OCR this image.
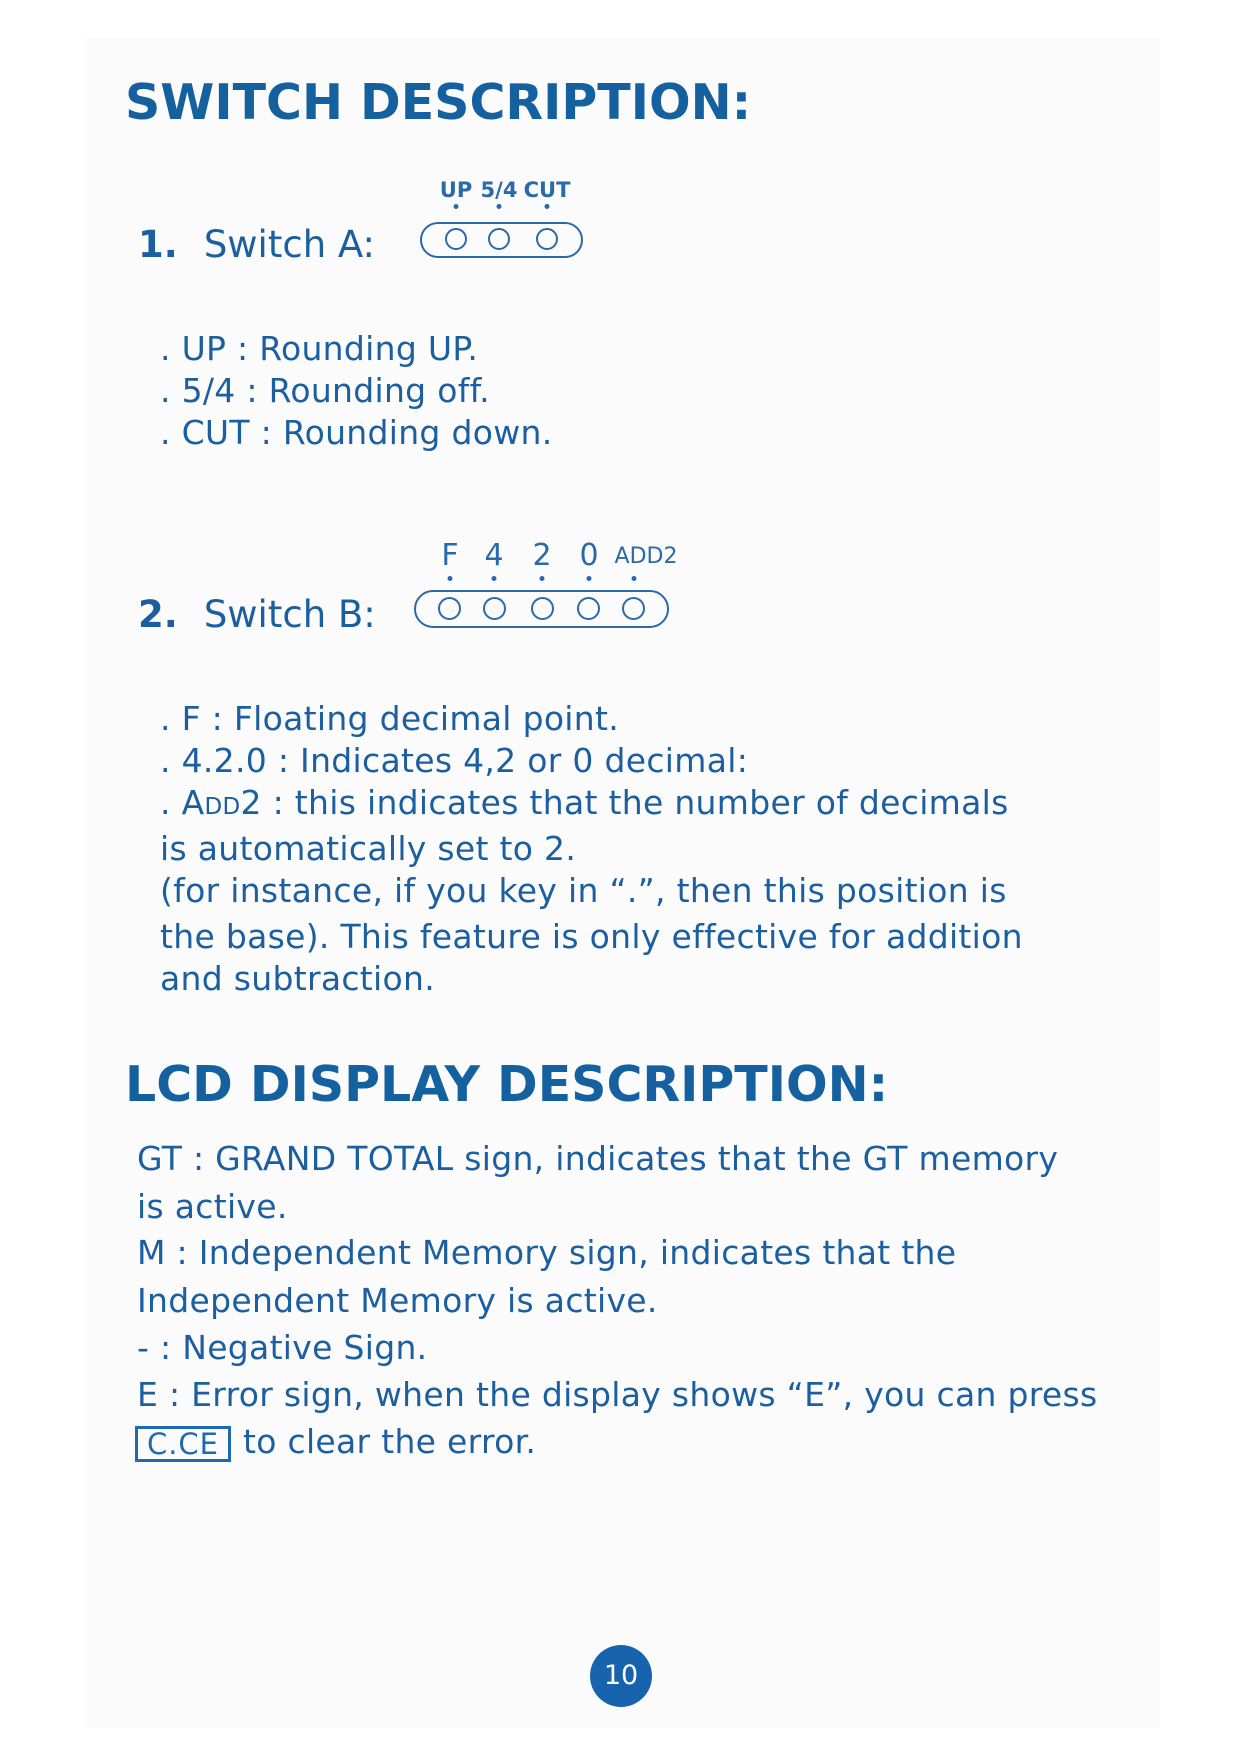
SWITCH DESCRIPTION:
1. Switch A:
UP 5/4 CUT
. UP : Rounding UP.
. 5/4 : Rounding off.
. CUT : Rounding down.
2. Switch B:
F 4 2 0 ADD2
. F : Floating decimal point.
. 4.2.0 : Indicates 4,2 or 0 decimal:
. Add2 : this indicates that the number of decimals
is automatically set to 2.
(for instance, if you key in “.”, then this position is
the base). This feature is only effective for addition
and subtraction.
LCD DISPLAY DESCRIPTION:
GT : GRAND TOTAL sign, indicates that the GT memory
is active.
M : Independent Memory sign, indicates that the
Independent Memory is active.
- : Negative Sign.
E : Error sign, when the display shows “E”, you can press
C.CE to clear the error.
10
